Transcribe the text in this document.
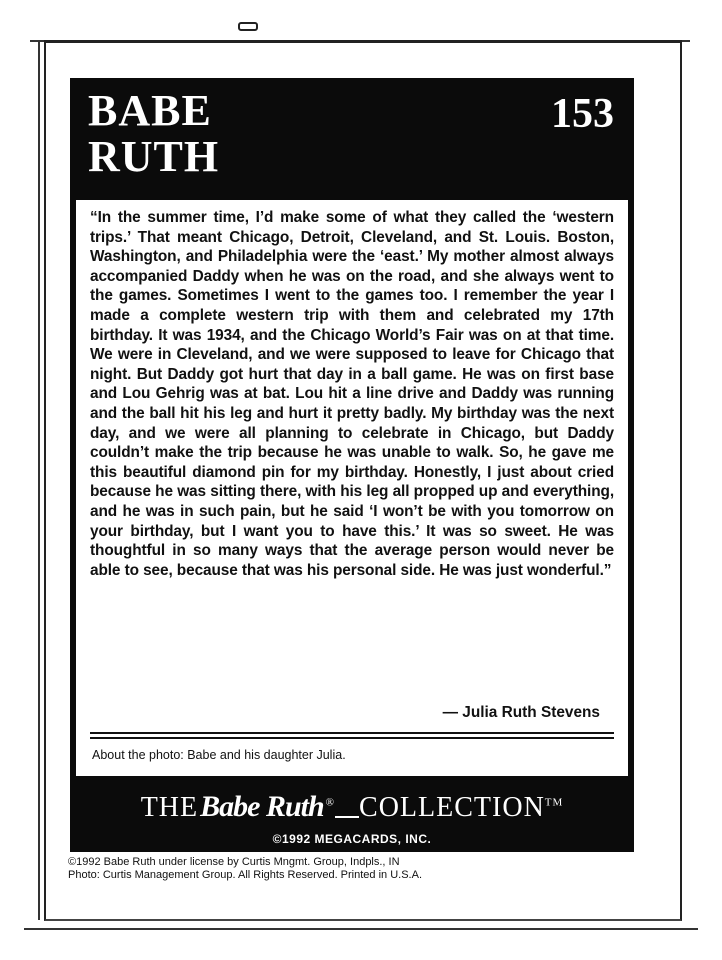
BABE
RUTH
153

“In the summer time, I’d make some of what they called the ‘western trips.’ That meant Chicago, Detroit, Cleveland, and St. Louis. Boston, Washington, and Philadelphia were the ‘east.’ My mother almost always accompanied Daddy when he was on the road, and she always went to the games. Sometimes I went to the games too. I remember the year I made a complete western trip with them and celebrated my 17th birthday. It was 1934, and the Chicago World’s Fair was on at that time. We were in Cleveland, and we were supposed to leave for Chicago that night. But Daddy got hurt that day in a ball game. He was on first base and Lou Gehrig was at bat. Lou hit a line drive and Daddy was running and the ball hit his leg and hurt it pretty badly. My birthday was the next day, and we were all planning to celebrate in Chicago, but Daddy couldn’t make the trip because he was unable to walk. So, he gave me this beautiful diamond pin for my birthday. Honestly, I just about cried because he was sitting there, with his leg all propped up and everything, and he was in such pain, but he said ‘I won’t be with you tomorrow on your birthday, but I want you to have this.’ It was so sweet. He was thoughtful in so many ways that the average person would never be able to see, because that was his personal side. He was just wonderful.”

— Julia Ruth Stevens
About the photo: Babe and his daughter Julia.
THEBabe Ruth ® COLLECTION™
©1992 MEGACARDS, INC.
©1992 Babe Ruth under license by Curtis Mngmt. Group, Indpls., IN
Photo: Curtis Management Group. All Rights Reserved. Printed in U.S.A.
